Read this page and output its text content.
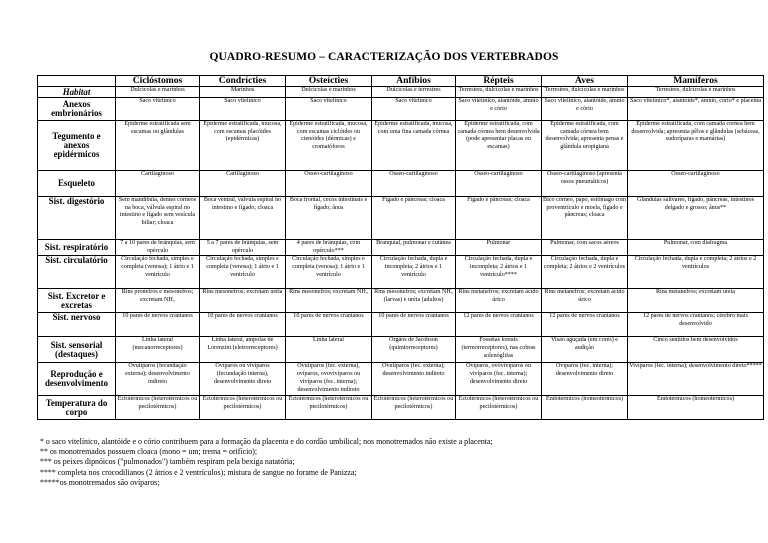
QUADRO-RESUMO – CARACTERIZAÇÃO DOS VERTEBRADOS
	Ciclóstomos	Condrícties	Osteícties	Anfíbios	Répteis	Aves	Mamíferos
Habitat	Dulcícolas e marinhos	Marinhos	Dulcícolas e marinhos	Dulcícolas e terrestres	Terrestres, dulcícolas e marinhos	Terrestres, dulcícolas e marinhos	Terrestres, dulcícolas e marinhos
Anexos embrionários	Saco vitelínico	Saco vitelínico	Saco vitelínico	Saco vitelínico	Saco vitelínico, alantóide, âmnio e cório	Saco vitelínico, alantóide, âmnio e cório	Saco vitelínico*, alantóide*, âmnio, cório* e placenta
Tegumento e anexos epidérmicos	Epiderme estratificada sem escamas ou glândulas	Epiderme estratificada, mucosa, com escamas placóides (epidérmicas)	Epiderme estratificada, mucosa, com escamas ciclóides ou ctenóides (dérmicas) e cromatóforos	Epiderme estratificada, mucosa, com uma fina camada córnea	Epiderme estratificada, com camada córnea bem desenvolvida (pode apresentar placas ou escamas)	Epiderme estratificada, com camada córnea bem desenvolvida; apresenta penas e glândula uropigiana	Epiderme estratificada, com camada córnea bem desenvolvida; apresenta pêlos e glândulas (sebáceas, sudoríparas e mamárias)
Esqueleto	Cartilaginoso	Cartilaginoso	Ósseo-cartilaginoso	Ósseo-cartilaginoso	Ósseo-cartilaginoso	Ósseo-cartilaginoso (apresenta ossos pneumáticos)	Ósseo-cartilaginoso
Sist. digestório	Sem mandíbula, dentes córneos na boca, válvula espiral no intestino e fígado sem vesícula biliar; cloaca	Boca ventral, válvula espiral no intestino e fígado; cloaca	Boca frontal, cecos intestinais e fígado; ânus	Fígado e pâncreas; cloaca	Fígado e pâncreas; cloaca	Bico córneo, papo, estômago com proventrículo e moela, fígado e pâncreas; cloaca	Glândulas salivares, fígado, pâncreas, intestinos delgado e grosso; ânus**
Sist. respiratório	7 a 10 pares de brânquias, sem opérculo	5 a 7 pares de brânquias, sem opérculo	4 pares de brânquias, com opérculo***	Branquial, pulmonar e cutânea	Pulmonar	Pulmonar, com sacos aéreos	Pulmonar, com diafragma
Sist. circulatório	Circulação fechada, simples e completa (venosa); 1 átrio e 1 ventrículo	Circulação fechada, simples e completa (venosa); 1 átrio e 1 ventrículo	Circulação fechada, simples e completa (venosa); 1 átrio e 1 ventrículo	Circulação fechada, dupla e incompleta; 2 átrios e 1 ventrículo	Circulação fechada, dupla e incompleta; 2 átrios e 1 ventrículo****	Circulação fechada, dupla e completa; 2 átrios e 2 ventrículos	Circulação fechada, dupla e completa; 2 átrios e 2 ventrículos
Sist. Excretor e excretas	Rins pronefros e mesonefros; excretam NH₃	Rins mesonefros; excretam uréia	Rins mesonefros; excretam NH₃	Rins mesonefros; excretam NH₃ (larvas) e uréia (adultos)	Rins metanefros; excretam ácido úrico	Rins metanefros; excretam ácido úrico	Rins metanefros; excretam uréia
Sist. nervoso	10 pares de nervos cranianos	10 pares de nervos cranianos	10 pares de nervos cranianos	10 pares de nervos cranianos	12 pares de nervos cranianos	12 pares de nervos cranianos	12 pares de nervos cranianos; cérebro mais desenvolvido
Sist. sensorial (destaques)	Linha lateral (mecanorreceptores)	Linha lateral, ampolas de Lorenzini (eletrorreceptores)	Linha lateral	Órgãos de Jacobson (quimiorreceptores)	Fossetas loreais (termorreceptores), nas cobras solenóglifas	Visão aguçada (em cores) e audição	Cinco sentidos bem desenvolvidos
Reprodução e desenvolvimento	Ovulíparos (fecundação externa); desenvolvimento indireto	Ovíparos ou vivíparos (fecundação interna), desenvolvimento direto	Ovulíparos (fec. externa), ovíparos, ovovivíparos ou vivíparos (fec. interna); desenvolvimento indireto	Ovulíparos (fec. externa); desenvolvimento indireto	Ovíparos, ovovivíparos ou vivíparos (fec. interna); desenvolvimento direto	Ovíparos (fec. interna); desenvolvimento direto	Vivíparos (fec. interna); desenvolvimento direto*****
Temperatura do corpo	Ectotérmicos (heterotérmicos ou pecilotérmicos)	Ectotérmicos (heterotérmicos ou pecilotérmicos)	Ectotérmicos (heterotérmicos ou pecilotérmicos)	Ectotérmicos (heterotérmicos ou pecilotérmicos)	Ectotérmicos (heterotérmicos ou pecilotérmicos)	Endotérmicos (homeotérmicos)	Endotérmicos (homeotérmicos)
* o saco vitelínico, alantóide e o cório contribuem para a formação da placenta e do cordão umbilical; nos monotremados não existe a placenta;
** os monotremados possuem cloaca (mono = um; trema = orifício);
*** os peixes dipnóicos ("pulmonados") também respiram pela bexiga natatória;
**** completa nos crocodilianos (2 átrios e 2 ventrículos); mistura de sangue no forame de Panizza;
*****os monotremados são ovíparos;
